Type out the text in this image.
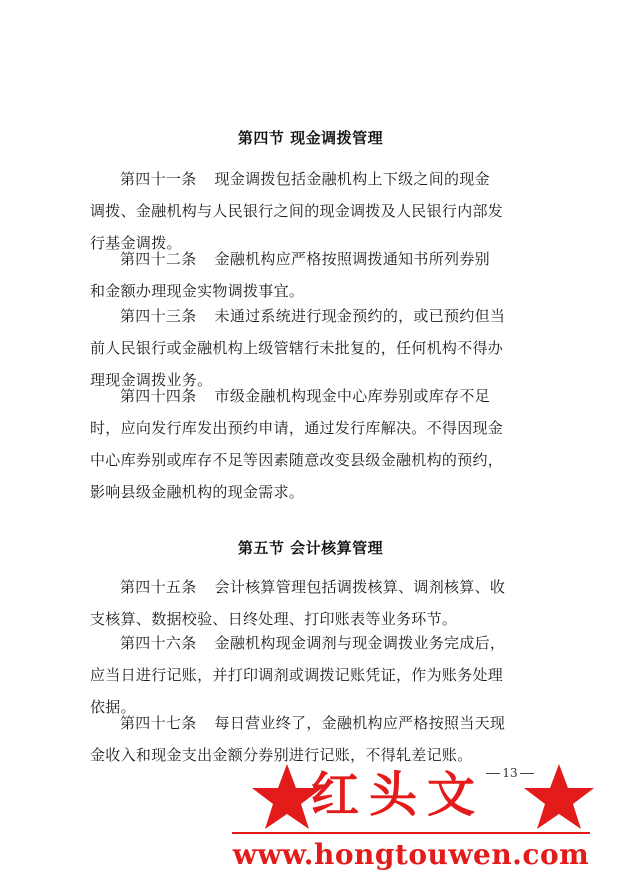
第四节 现金调拨管理
第四十一条 现金调拨包括金融机构上下级之间的现金
调拨、金融机构与人民银行之间的现金调拨及人民银行内部发
行基金调拨。
第四十二条 金融机构应严格按照调拨通知书所列券别
和金额办理现金实物调拨事宜。
第四十三条 未通过系统进行现金预约的，或已预约但当
前人民银行或金融机构上级管辖行未批复的，任何机构不得办
理现金调拨业务。
第四十四条 市级金融机构现金中心库券别或库存不足
时，应向发行库发出预约申请，通过发行库解决。不得因现金
中心库券别或库存不足等因素随意改变县级金融机构的预约，
影响县级金融机构的现金需求。
第五节 会计核算管理
第四十五条 会计核算管理包括调拨核算、调剂核算、收
支核算、数据校验、日终处理、打印账表等业务环节。
第四十六条 金融机构现金调剂与现金调拨业务完成后，
应当日进行记账，并打印调剂或调拨记账凭证，作为账务处理
依据。
第四十七条 每日营业终了，金融机构应严格按照当天现
金收入和现金支出金额分券别进行记账，不得轧差记账。
13
红头文
www.hongtouwen.com
